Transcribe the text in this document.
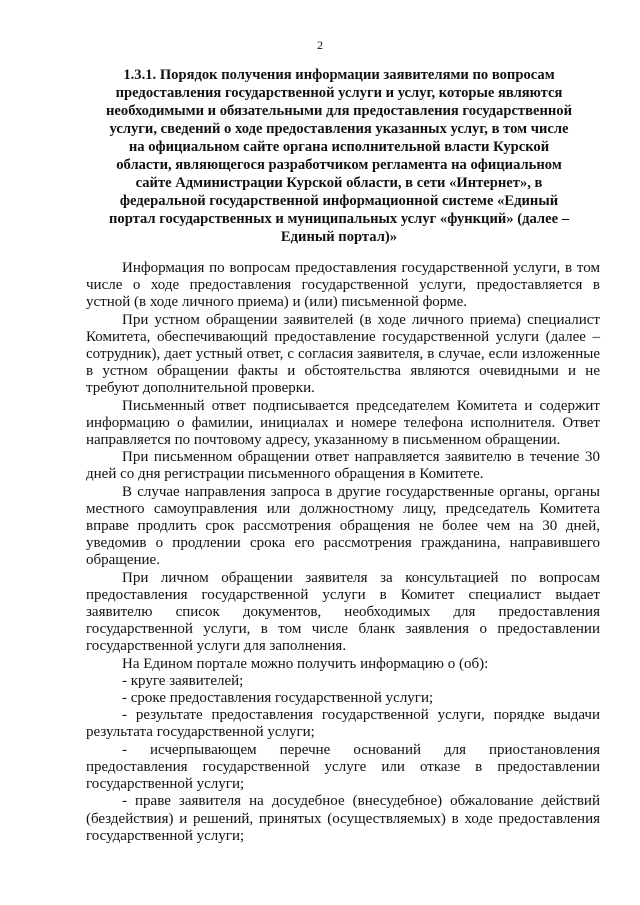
2
1.3.1. Порядок получения информации заявителями по вопросам предоставления государственной услуги и услуг, которые являются необходимыми и обязательными для предоставления государственной услуги, сведений о ходе предоставления указанных услуг, в том числе на официальном сайте органа исполнительной власти Курской области, являющегося разработчиком регламента на официальном сайте Администрации Курской области, в сети «Интернет», в федеральной государственной информационной системе «Единый портал государственных и муниципальных услуг «функций» (далее – Единый портал)»

Информация по вопросам предоставления государственной услуги, в том числе о ходе предоставления государственной услуги, предоставляется в устной (в ходе личного приема) и (или) письменной форме.

При устном обращении заявителей (в ходе личного приема) специалист Комитета, обеспечивающий предоставление государственной услуги (далее – сотрудник), дает устный ответ, с согласия заявителя, в случае, если изложенные в устном обращении факты и обстоятельства являются очевидными и не требуют дополнительной проверки.

Письменный ответ подписывается председателем Комитета и содержит информацию о фамилии, инициалах и номере телефона исполнителя. Ответ направляется по почтовому адресу, указанному в письменном обращении.

При письменном обращении ответ направляется заявителю в течение 30 дней со дня регистрации письменного обращения в Комитете.

В случае направления запроса в другие государственные органы, органы местного самоуправления или должностному лицу, председатель Комитета вправе продлить срок рассмотрения обращения не более чем на 30 дней, уведомив о продлении срока его рассмотрения гражданина, направившего обращение.

При личном обращении заявителя за консультацией по вопросам предоставления государственной услуги в Комитет специалист выдает заявителю список документов, необходимых для предоставления государственной услуги, в том числе бланк заявления о предоставлении государственной услуги для заполнения.

На Едином портале можно получить информацию о (об):

- круге заявителей;

- сроке предоставления государственной услуги;

- результате предоставления государственной услуги, порядке выдачи результата государственной услуги;

- исчерпывающем перечне оснований для приостановления предоставления государственной услуге или отказе в предоставлении государственной услуги;

- праве заявителя на досудебное (внесудебное) обжалование действий (бездействия) и решений, принятых (осуществляемых) в ходе предоставления государственной услуги;
